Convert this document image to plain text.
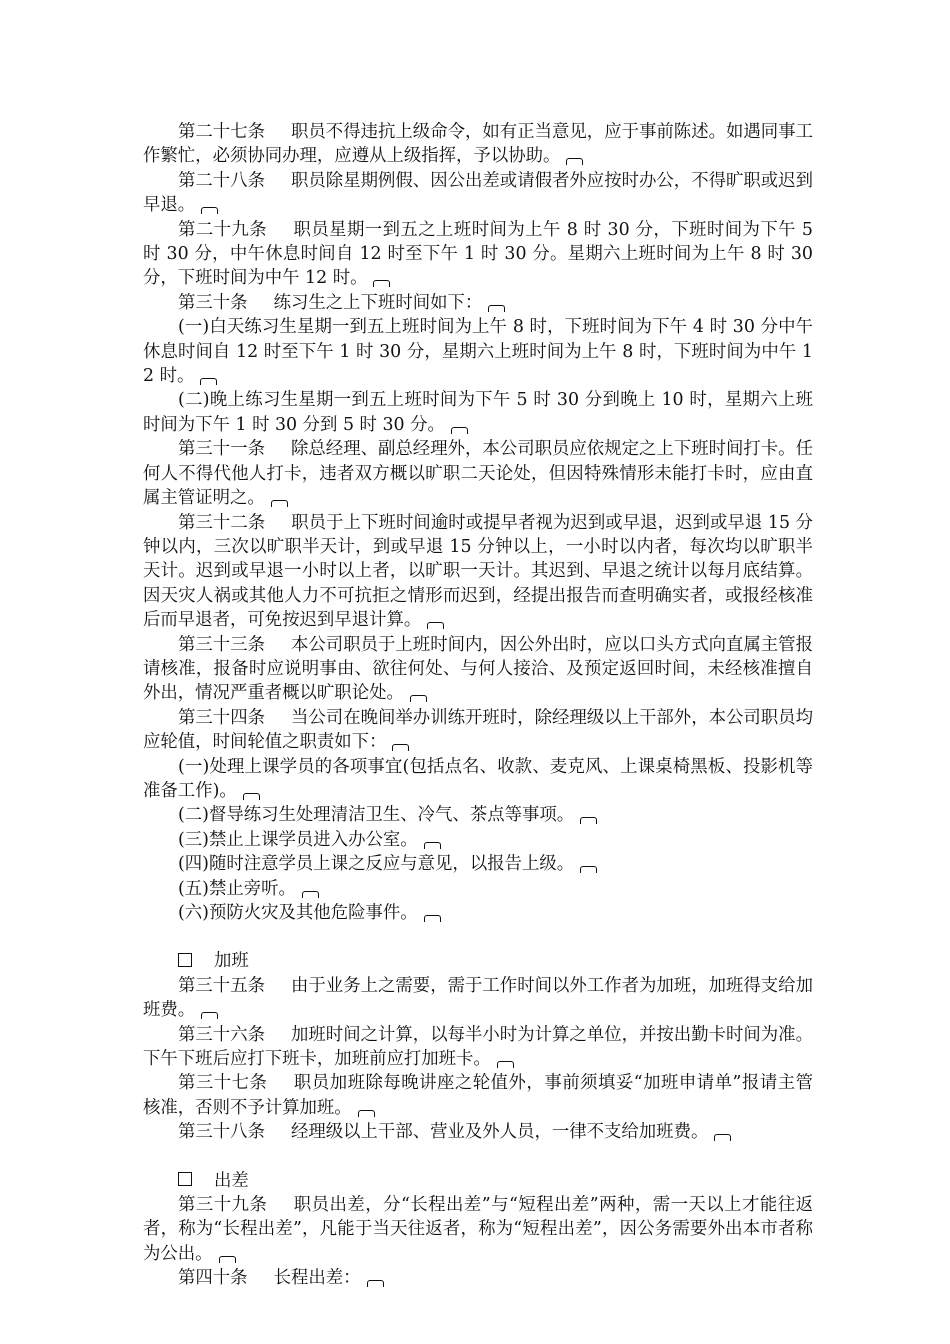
第二十七条 职员不得违抗上级命令，如有正当意见，应于事前陈述。如遇同事工作繁忙，必须协同办理，应遵从上级指挥，予以协助。

第二十八条 职员除星期例假、因公出差或请假者外应按时办公，不得旷职或迟到早退。

第二十九条 职员星期一到五之上班时间为上午 8 时 30 分，下班时间为下午 5 时 30 分，中午休息时间自 12 时至下午 1 时 30 分。星期六上班时间为上午 8 时 30 分，下班时间为中午 12 时。

第三十条 练习生之上下班时间如下：

(一)白天练习生星期一到五上班时间为上午 8 时，下班时间为下午 4 时 30 分中午休息时间自 12 时至下午 1 时 30 分，星期六上班时间为上午 8 时，下班时间为中午 12 时。

(二)晚上练习生星期一到五上班时间为下午 5 时 30 分到晚上 10 时，星期六上班时间为下午 1 时 30 分到 5 时 30 分。

第三十一条 除总经理、副总经理外，本公司职员应依规定之上下班时间打卡。任何人不得代他人打卡，违者双方概以旷职二天论处，但因特殊情形未能打卡时，应由直属主管证明之。

第三十二条 职员于上下班时间逾时或提早者视为迟到或早退，迟到或早退 15 分钟以内，三次以旷职半天计，到或早退 15 分钟以上，一小时以内者，每次均以旷职半天计。迟到或早退一小时以上者，以旷职一天计。其迟到、早退之统计以每月底结算。因天灾人祸或其他人力不可抗拒之情形而迟到，经提出报告而查明确实者，或报经核准后而早退者，可免按迟到早退计算。

第三十三条 本公司职员于上班时间内，因公外出时，应以口头方式向直属主管报请核准，报备时应说明事由、欲往何处、与何人接洽、及预定返回时间，未经核准擅自外出，情况严重者概以旷职论处。

第三十四条 当公司在晚间举办训练开班时，除经理级以上干部外，本公司职员均应轮值，时间轮值之职责如下：

(一)处理上课学员的各项事宜(包括点名、收款、麦克风、上课桌椅黑板、投影机等准备工作)。

(二)督导练习生处理清洁卫生、冷气、茶点等事项。

(三)禁止上课学员进入办公室。

(四)随时注意学员上课之反应与意见，以报告上级。

(五)禁止旁听。

(六)预防火灾及其他危险事件。

加班

第三十五条 由于业务上之需要，需于工作时间以外工作者为加班，加班得支给加班费。

第三十六条 加班时间之计算，以每半小时为计算之单位，并按出勤卡时间为准。下午下班后应打下班卡，加班前应打加班卡。

第三十七条 职员加班除每晚讲座之轮值外，事前须填妥“加班申请单”报请主管核准，否则不予计算加班。

第三十八条 经理级以上干部、营业及外人员，一律不支给加班费。

出差

第三十九条 职员出差，分“长程出差”与“短程出差”两种，需一天以上才能往返者，称为“长程出差”，凡能于当天往返者，称为“短程出差”，因公务需要外出本市者称为公出。

第四十条 长程出差：
